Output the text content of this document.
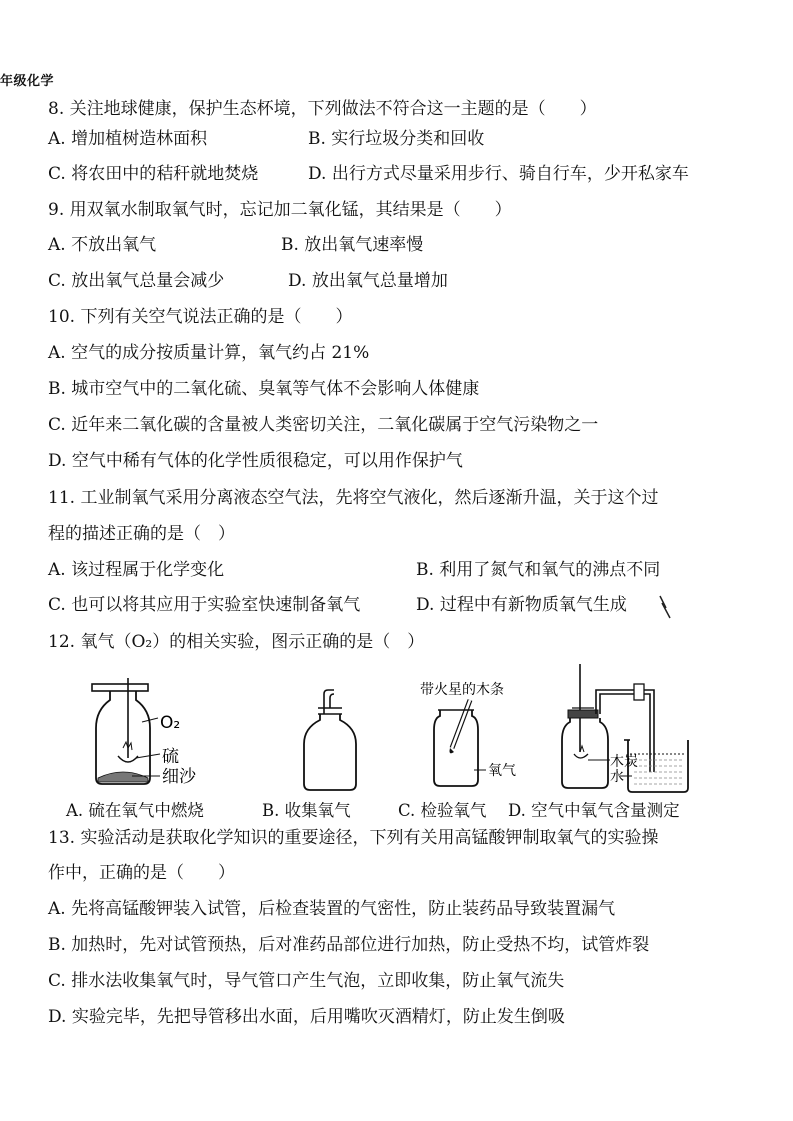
年级化学
8. 关注地球健康，保护生态杯境，下列做法不符合这一主题的是（　　）
A. 增加植树造林面积	B. 实行垃圾分类和回收
C. 将农田中的秸秆就地焚烧	D. 出行方式尽量采用步行、骑自行车，少开私家车
9. 用双氧水制取氧气时，忘记加二氧化锰，其结果是（　　）
A. 不放出氧气	B. 放出氧气速率慢
C. 放出氧气总量会减少	D. 放出氧气总量增加
10. 下列有关空气说法正确的是（　　）
A. 空气的成分按质量计算，氧气约占 21%
B. 城市空气中的二氧化硫、臭氧等气体不会影响人体健康
C. 近年来二氧化碳的含量被人类密切关注，二氧化碳属于空气污染物之一
D. 空气中稀有气体的化学性质很稳定，可以用作保护气
11. 工业制氧气采用分离液态空气法，先将空气液化，然后逐渐升温，关于这个过
程的描述正确的是（　）
A. 该过程属于化学变化	B. 利用了氮气和氧气的沸点不同
C. 也可以将其应用于实验室快速制备氧气	D. 过程中有新物质氧气生成
12. 氧气（O₂）的相关实验，图示正确的是（　）
O₂
硫
细沙
带火星的木条
氧气
木炭
水
A. 硫在氧气中燃烧	B. 收集氧气	C. 检验氧气 D. 空气中氧气含量测定
13. 实验活动是获取化学知识的重要途径，下列有关用高锰酸钾制取氧气的实验操
作中，正确的是（　　）
A. 先将高锰酸钾装入试管，后检查装置的气密性，防止装药品导致装置漏气
B. 加热时，先对试管预热，后对准药品部位进行加热，防止受热不均，试管炸裂
C. 排水法收集氧气时，导气管口产生气泡，立即收集，防止氧气流失
D. 实验完毕，先把导管移出水面，后用嘴吹灭酒精灯，防止发生倒吸
